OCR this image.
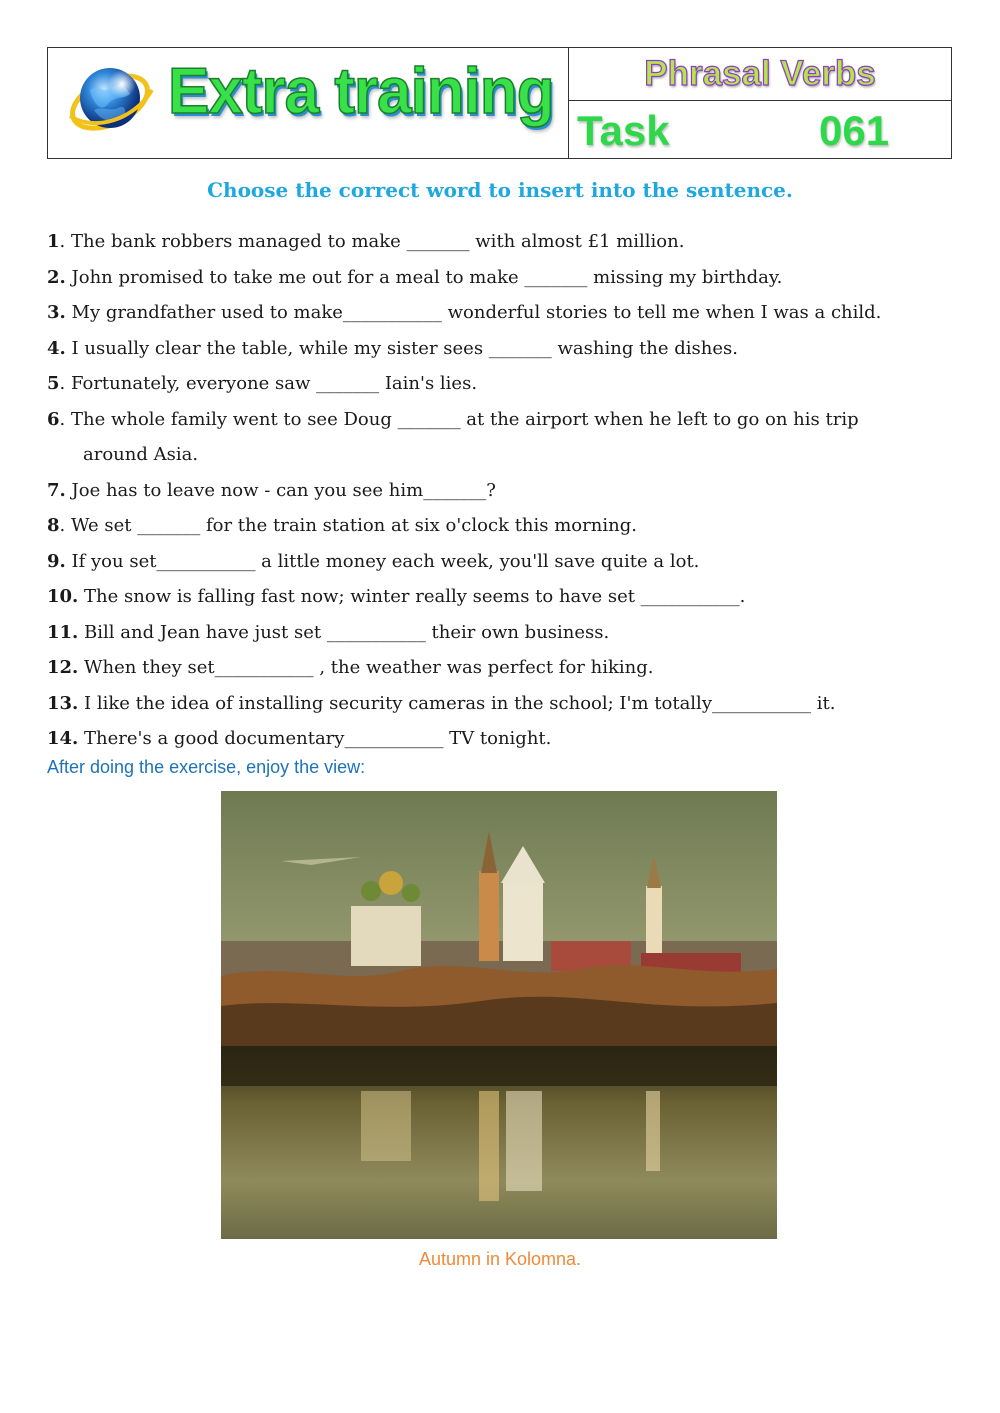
Extra training	Phrasal Verbs
Task	061
Choose the correct word to insert into the sentence.
1. The bank robbers managed to make _______ with almost £1 million.
2. John promised to take me out for a meal to make _______ missing my birthday.
3. My grandfather used to make___________ wonderful stories to tell me when I was a child.
4. I usually clear the table, while my sister sees _______ washing the dishes.
5. Fortunately, everyone saw _______ Iain's lies.
6. The whole family went to see Doug _______ at the airport when he left to go on his trip
around Asia.
7. Joe has to leave now - can you see him_______?
8. We set _______ for the train station at six o'clock this morning.
9. If you set___________ a little money each week, you'll save quite a lot.
10. The snow is falling fast now; winter really seems to have set ___________.
11. Bill and Jean have just set ___________ their own business.
12. When they set___________ , the weather was perfect for hiking.
13. I like the idea of installing security cameras in the school; I'm totally___________ it.
14. There's a good documentary___________ TV tonight.
After doing the exercise, enjoy the view:
Autumn in Kolomna.
